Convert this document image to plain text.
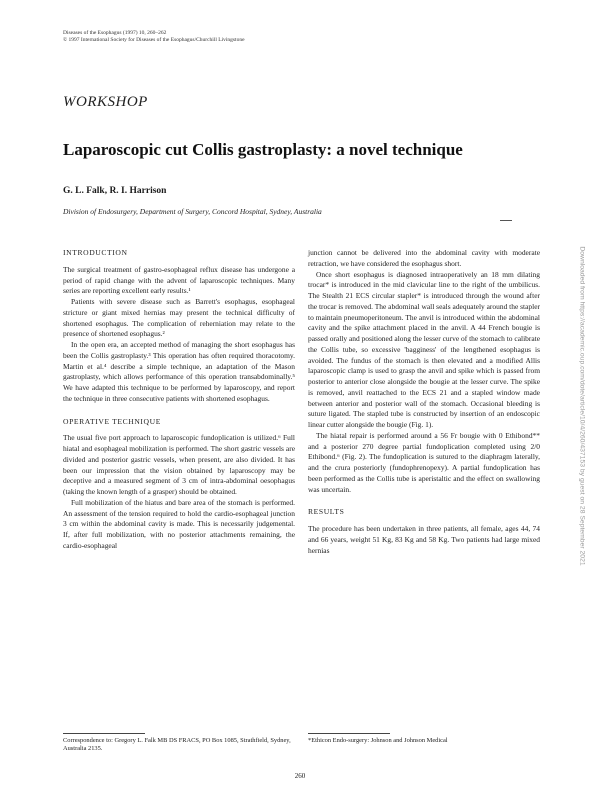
Diseases of the Esophagus (1997) 10, 260–262
© 1997 International Society for Diseases of the Esophagus/Churchill Livingstone
WORKSHOP
Laparoscopic cut Collis gastroplasty: a novel technique
G. L. Falk, R. I. Harrison
Division of Endosurgery, Department of Surgery, Concord Hospital, Sydney, Australia
INTRODUCTION

The surgical treatment of gastro-esophageal reflux disease has undergone a period of rapid change with the advent of laparoscopic techniques. Many series are reporting excellent early results.¹

Patients with severe disease such as Barrett's esophagus, esophageal stricture or giant mixed hernias may present the technical difficulty of shortened esophagus. The complication of reherniation may relate to the presence of shortened esophagus.²

In the open era, an accepted method of managing the short esophagus has been the Collis gastroplasty.³ This operation has often required thoracotomy. Martin et al.⁴ describe a simple technique, an adaptation of the Mason gastroplasty, which allows performance of this operation transabdominally.⁵ We have adapted this technique to be performed by laparoscopy, and report the technique in three consecutive patients with shortened esophagus.

OPERATIVE TECHNIQUE

The usual five port approach to laparoscopic fundoplication is utilized.⁶ Full hiatal and esophageal mobilization is performed. The short gastric vessels are divided and posterior gastric vessels, when present, are also divided. It has been our impression that the vision obtained by laparoscopy may be deceptive and a measured segment of 3 cm of intra-abdominal oesophagus (taking the known length of a grasper) should be obtained.

Full mobilization of the hiatus and bare area of the stomach is performed. An assessment of the tension required to hold the cardio-esophageal junction 3 cm within the abdominal cavity is made. This is necessarily judgemental. If, after full mobilization, with no posterior attachments remaining, the cardio-esophageal

junction cannot be delivered into the abdominal cavity with moderate retraction, we have considered the esophagus short.

Once short esophagus is diagnosed intraoperatively an 18 mm dilating trocar* is introduced in the mid clavicular line to the right of the umbilicus. The Stealth 21 ECS circular stapler* is introduced through the wound after the trocar is removed. The abdominal wall seals adequately around the stapler to maintain pneumoperitoneum. The anvil is introduced within the abdominal cavity and the spike attachment placed in the anvil. A 44 French bougie is passed orally and positioned along the lesser curve of the stomach to calibrate the Collis tube, so excessive 'bagginess' of the lengthened esophagus is avoided. The fundus of the stomach is then elevated and a modified Allis laparoscopic clamp is used to grasp the anvil and spike which is passed from posterior to anterior close alongside the bougie at the lesser curve. The spike is removed, anvil reattached to the ECS 21 and a stapled window made between anterior and posterior wall of the stomach. Occasional bleeding is suture ligated. The stapled tube is constructed by insertion of an endoscopic linear cutter alongside the bougie (Fig. 1).

The hiatal repair is performed around a 56 Fr bougie with 0 Ethibond** and a posterior 270 degree partial fundoplication completed using 2/0 Ethibond.⁶ (Fig. 2). The fundoplication is sutured to the diaphragm laterally, and the crura posteriorly (fundophrenopexy). A partial fundoplication has been performed as the Collis tube is aperistaltic and the effect on swallowing was uncertain.

RESULTS

The procedure has been undertaken in three patients, all female, ages 44, 74 and 66 years, weight 51 Kg, 83 Kg and 58 Kg. Two patients had large mixed hernias

Correspondence to: Gregory L. Falk MB DS FRACS, PO Box 1085, Strathfield, Sydney, Australia 2135.
*Ethicon Endo-surgery: Johnson and Johnson Medical
260
Downloaded from https://academic.oup.com/dote/article/10/4/260/437153 by guest on 28 September 2021
